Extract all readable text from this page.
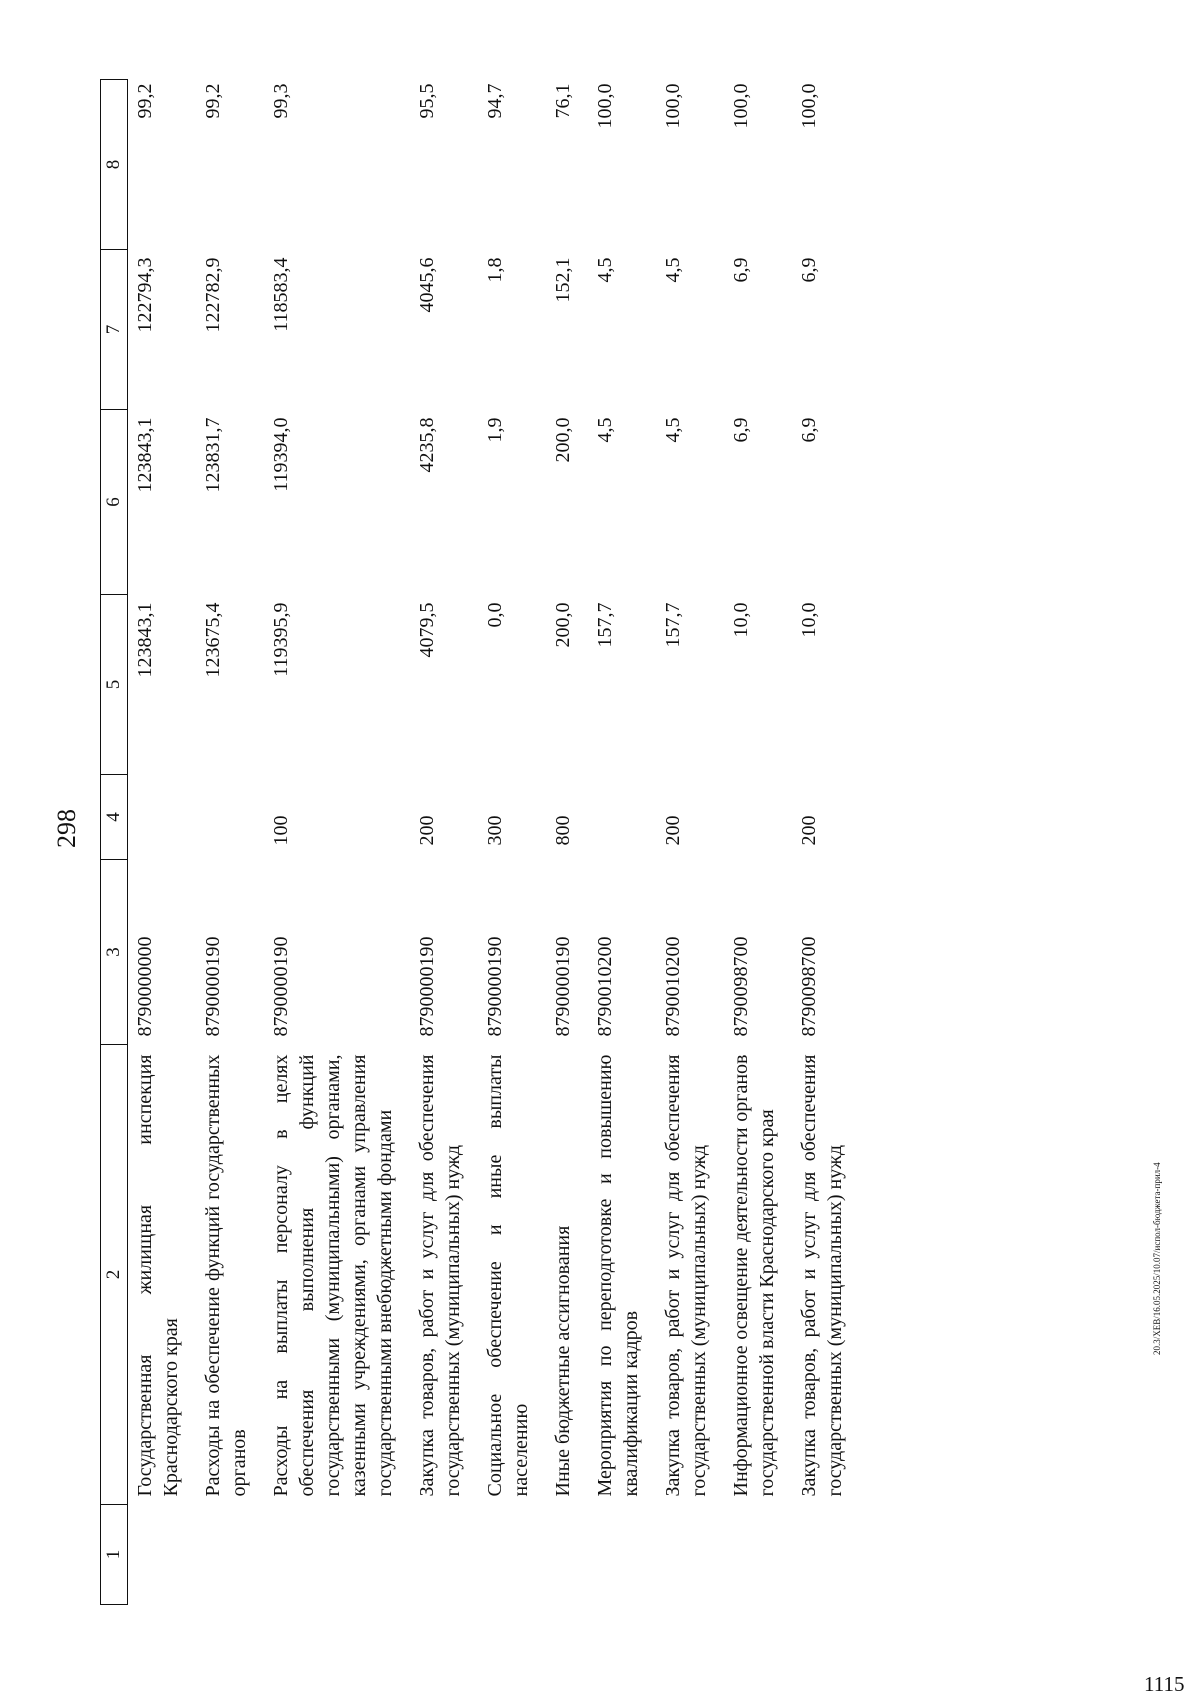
298
20.3/ХЕВ/16.05.2025/10.07/испол-бюджета-прил-4
1115
1	2	3	4	5	6	7	8
	Государственная жилищная инспекция Краснодарского края	8790000000		123843,1	123843,1	122794,3	99,2
	Расходы на обеспечение функций государственных органов	8790000190		123675,4	123831,7	122782,9	99,2
	Расходы на выплаты персоналу в целях обеспечения выполнения функций государственными (муниципальными) органами, казенными учреждениями, органами управления государственными внебюджетными фондами	8790000190	100	119395,9	119394,0	118583,4	99,3
	Закупка товаров, работ и услуг для обеспечения государственных (муниципальных) нужд	8790000190	200	4079,5	4235,8	4045,6	95,5
	Социальное обеспечение и иные выплаты населению	8790000190	300	0,0	1,9	1,8	94,7
	Иные бюджетные ассигнования	8790000190	800	200,0	200,0	152,1	76,1
	Мероприятия по переподготовке и повышению квалификации кадров	8790010200		157,7	4,5	4,5	100,0
	Закупка товаров, работ и услуг для обеспечения государственных (муниципальных) нужд	8790010200	200	157,7	4,5	4,5	100,0
	Информационное освещение деятельности органов государственной власти Краснодарского края	8790098700		10,0	6,9	6,9	100,0
	Закупка товаров, работ и услуг для обеспечения государственных (муниципальных) нужд	8790098700	200	10,0	6,9	6,9	100,0
